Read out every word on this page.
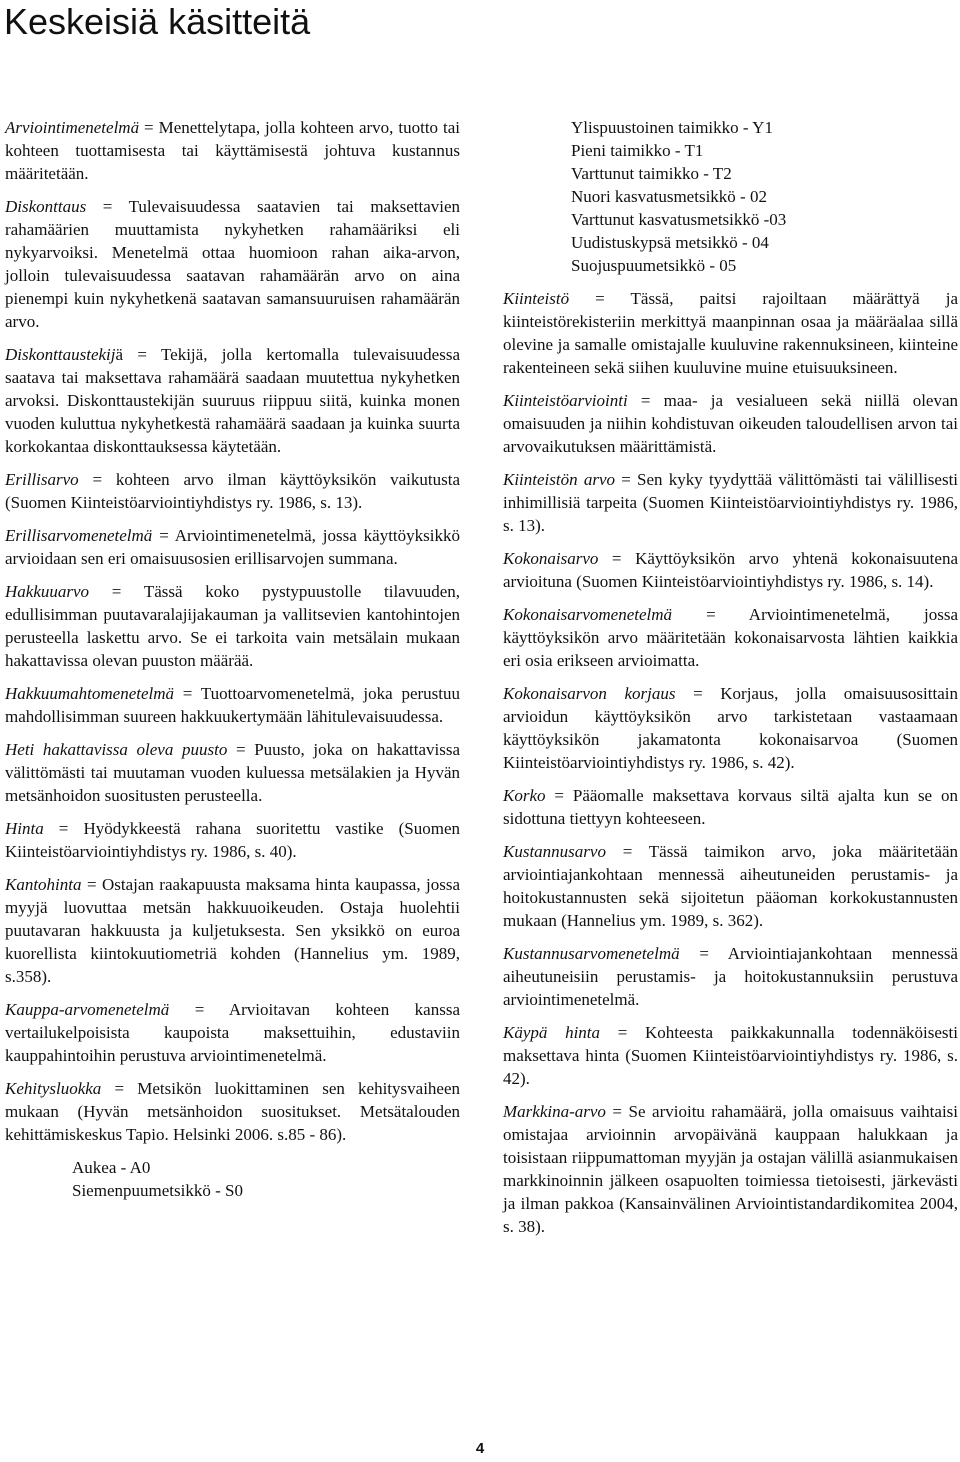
Keskeisiä käsitteitä

Arviointimenetelmä = Menettelytapa, jolla kohteen arvo, tuotto tai kohteen tuottamisesta tai käyttämisestä johtuva kustannus määritetään.

Diskonttaus = Tulevaisuudessa saatavien tai maksettavien rahamäärien muuttamista nykyhetken rahamääriksi eli nykyarvoiksi. Menetelmä ottaa huomioon rahan aika-arvon, jolloin tulevaisuudessa saatavan rahamäärän arvo on aina pienempi kuin nykyhetkenä saatavan samansuuruisen rahamäärän arvo.

Diskonttaustekijä = Tekijä, jolla kertomalla tulevaisuudessa saatava tai maksettava rahamäärä saadaan muutettua nykyhetken arvoksi. Diskonttaustekijän suuruus riippuu siitä, kuinka monen vuoden kuluttua nykyhetkestä rahamäärä saadaan ja kuinka suurta korkokantaa diskonttauksessa käytetään.

Erillisarvo = kohteen arvo ilman käyttöyksikön vaikutusta (Suomen Kiinteistöarviointiyhdistys ry. 1986, s. 13).

Erillisarvomenetelmä = Arviointimenetelmä, jossa käyttöyksikkö arvioidaan sen eri omaisuusosien erillisarvojen summana.

Hakkuuarvo = Tässä koko pystypuustolle tilavuuden, edullisimman puutavaralajijakauman ja vallitsevien kantohintojen perusteella laskettu arvo. Se ei tarkoita vain metsälain mukaan hakattavissa olevan puuston määrää.

Hakkuumahtomenetelmä = Tuottoarvomenetelmä, joka perustuu mahdollisimman suureen hakkuukertymään lähitulevaisuudessa.

Heti hakattavissa oleva puusto = Puusto, joka on hakattavissa välittömästi tai muutaman vuoden kuluessa metsälakien ja Hyvän metsänhoidon suositusten perusteella.

Hinta = Hyödykkeestä rahana suoritettu vastike (Suomen Kiinteistöarviointiyhdistys ry. 1986, s. 40).

Kantohinta = Ostajan raakapuusta maksama hinta kaupassa, jossa myyjä luovuttaa metsän hakkuuoikeuden. Ostaja huolehtii puutavaran hakkuusta ja kuljetuksesta. Sen yksikkö on euroa kuorellista kiintokuutiometriä kohden (Hannelius ym. 1989, s.358).

Kauppa-arvomenetelmä = Arvioitavan kohteen kanssa vertailukelpoisista kaupoista maksettuihin, edustaviin kauppahintoihin perustuva arviointimenetelmä.

Kehitysluokka = Metsikön luokittaminen sen kehitysvaiheen mukaan (Hyvän metsänhoidon suositukset. Metsätalouden kehittämiskeskus Tapio. Helsinki 2006. s.85 - 86).

Aukea - A0
Siemenpuumetsikkö - S0
Ylispuustoinen taimikko - Y1
Pieni taimikko - T1
Varttunut taimikko - T2
Nuori kasvatusmetsikkö - 02
Varttunut kasvatusmetsikkö -03
Uudistuskypsä metsikkö - 04
Suojuspuumetsikkö - 05

Kiinteistö = Tässä, paitsi rajoiltaan määrättyä ja kiinteistörekisteriin merkittyä maanpinnan osaa ja määräalaa sillä olevine ja samalle omistajalle kuuluvine rakennuksineen, kiinteine rakenteineen sekä siihen kuuluvine muine etuisuuksineen.

Kiinteistöarviointi = maa- ja vesialueen sekä niillä olevan omaisuuden ja niihin kohdistuvan oikeuden taloudellisen arvon tai arvovaikutuksen määrittämistä.

Kiinteistön arvo = Sen kyky tyydyttää välittömästi tai välillisesti inhimillisiä tarpeita (Suomen Kiinteistöarviointiyhdistys ry. 1986, s. 13).

Kokonaisarvo = Käyttöyksikön arvo yhtenä kokonaisuutena arvioituna (Suomen Kiinteistöarviointiyhdistys ry. 1986, s. 14).

Kokonaisarvomenetelmä = Arviointimenetelmä, jossa käyttöyksikön arvo määritetään kokonaisarvosta lähtien kaikkia eri osia erikseen arvioimatta.

Kokonaisarvon korjaus = Korjaus, jolla omaisuusosittain arvioidun käyttöyksikön arvo tarkistetaan vastaamaan käyttöyksikön jakamatonta kokonaisarvoa (Suomen Kiinteistöarviointiyhdistys ry. 1986, s. 42).

Korko = Pääomalle maksettava korvaus siltä ajalta kun se on sidottuna tiettyyn kohteeseen.

Kustannusarvo = Tässä taimikon arvo, joka määritetään arviointiajankohtaan mennessä aiheutuneiden perustamis- ja hoitokustannusten sekä sijoitetun pääoman korkokustannusten mukaan (Hannelius ym. 1989, s. 362).

Kustannusarvomenetelmä = Arviointiajankohtaan mennessä aiheutuneisiin perustamis- ja hoitokustannuksiin perustuva arviointimenetelmä.

Käypä hinta = Kohteesta paikkakunnalla todennäköisesti maksettava hinta (Suomen Kiinteistöarviointiyhdistys ry. 1986, s. 42).

Markkina-arvo = Se arvioitu rahamäärä, jolla omaisuus vaihtaisi omistajaa arvioinnin arvopäivänä kauppaan halukkaan ja toisistaan riippumattoman myyjän ja ostajan välillä asianmukaisen markkinoinnin jälkeen osapuolten toimiessa tietoisesti, järkevästi ja ilman pakkoa (Kansainvälinen Arviointistandardikomitea 2004, s. 38).

4
